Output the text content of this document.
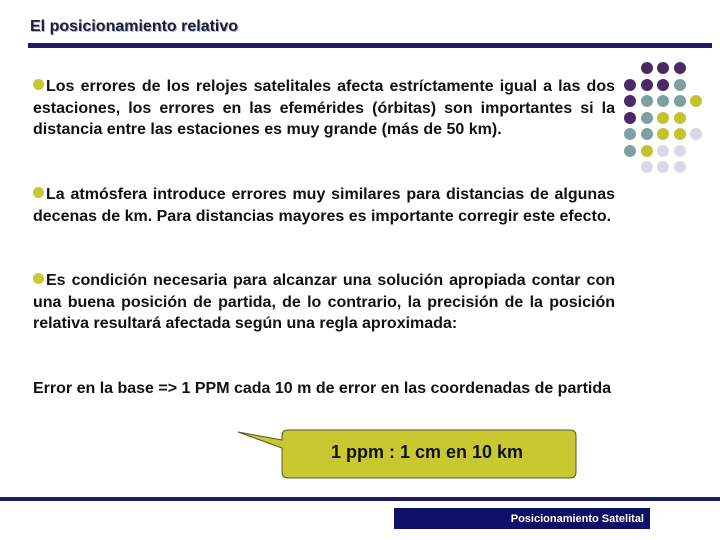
El posicionamiento relativo
Los errores de los relojes satelitales afecta estríctamente igual a las dos estaciones, los errores en las efemérides (órbitas) son importantes si la distancia entre las estaciones es muy grande (más de 50 km).
La atmósfera introduce errores muy similares para distancias de algunas decenas de km. Para distancias mayores es importante corregir este efecto.
Es condición necesaria para alcanzar una solución apropiada contar con una buena posición de partida, de lo contrario, la precisión de la posición relativa resultará afectada según una regla aproximada:
Error en la base => 1 PPM cada 10 m de error en las coordenadas de partida
1 ppm : 1 cm en 10 km
Posicionamiento Satelital
